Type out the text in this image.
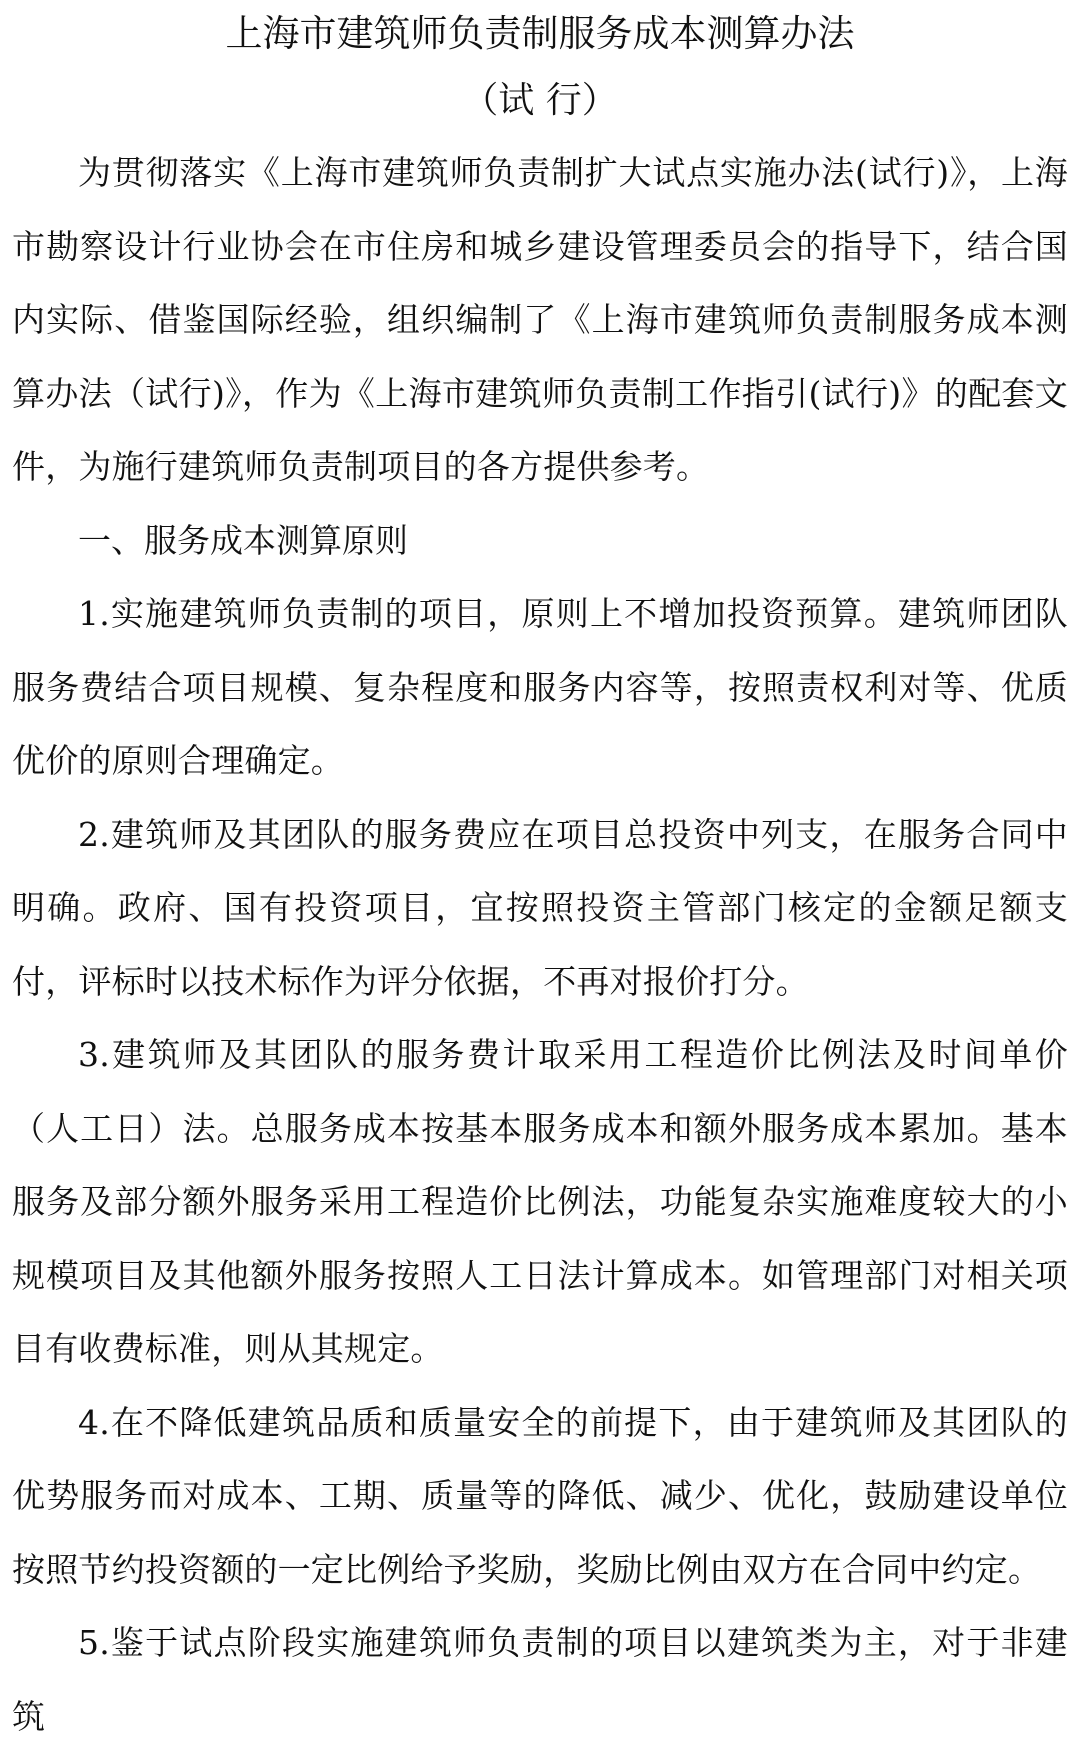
上海市建筑师负责制服务成本测算办法
（试 行）

为贯彻落实《上海市建筑师负责制扩大试点实施办法(试行)》，上海市勘察设计行业协会在市住房和城乡建设管理委员会的指导下，结合国内实际、借鉴国际经验，组织编制了《上海市建筑师负责制服务成本测算办法（试行)》，作为《上海市建筑师负责制工作指引(试行)》的配套文件，为施行建筑师负责制项目的各方提供参考。

一、服务成本测算原则

1.实施建筑师负责制的项目，原则上不增加投资预算。建筑师团队服务费结合项目规模、复杂程度和服务内容等，按照责权利对等、优质优价的原则合理确定。

2.建筑师及其团队的服务费应在项目总投资中列支，在服务合同中明确。政府、国有投资项目，宜按照投资主管部门核定的金额足额支付，评标时以技术标作为评分依据，不再对报价打分。

3.建筑师及其团队的服务费计取采用工程造价比例法及时间单价（人工日）法。总服务成本按基本服务成本和额外服务成本累加。基本服务及部分额外服务采用工程造价比例法，功能复杂实施难度较大的小规模项目及其他额外服务按照人工日法计算成本。如管理部门对相关项目有收费标准，则从其规定。

4.在不降低建筑品质和质量安全的前提下，由于建筑师及其团队的优势服务而对成本、工期、质量等的降低、减少、优化，鼓励建设单位按照节约投资额的一定比例给予奖励，奖励比例由双方在合同中约定。

5.鉴于试点阶段实施建筑师负责制的项目以建筑类为主，对于非建筑
